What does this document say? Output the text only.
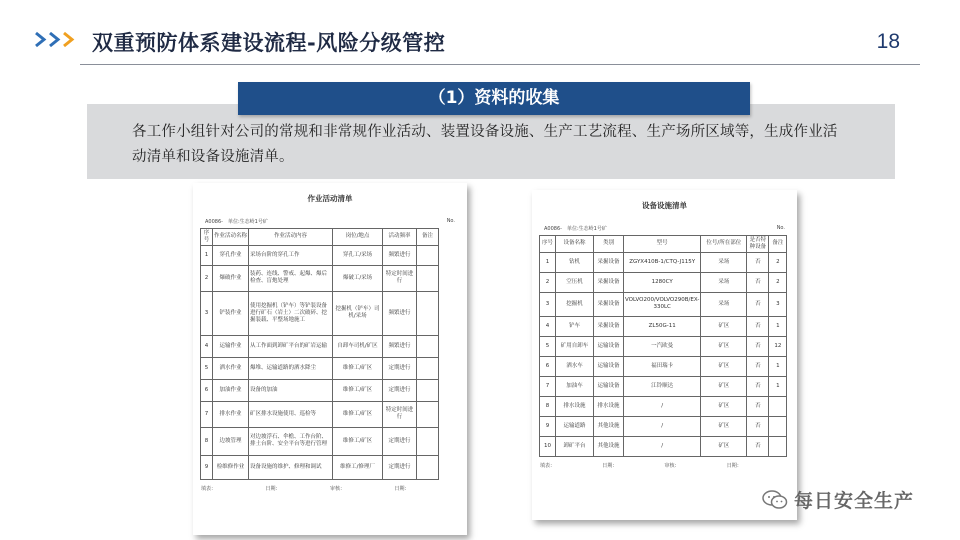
双重预防体系建设流程-风险分级管控	18
（1）资料的收集
各工作小组针对公司的常规和非常规作业活动、装置设备设施、生产工艺流程、生产场所区域等，生成作业活动清单和设备设施清单。
作业活动清单
A0086-　单位:生态岭1号矿	No.
序号	作业活动名称	作业活动内容	岗位/地点	活动频率	备注
1	穿孔作业	采场台阶的穿孔工作	穿孔工/采场	频繁进行	
2	爆破作业	装药、连线、警戒、起爆、爆后检查、盲炮处理	爆破工/采场	特定时间进行	
3	铲装作业	使用挖掘机（铲车）等铲装设备进行矿石（岩土）二次破碎、挖掘装载、平整场地施工	挖掘机（铲车）司机/采场	频繁进行	
4	运输作业	从工作面到卸矿平台的矿岩运输	自卸车司机/矿区	频繁进行	
5	洒水作业	爆堆、运输道路的洒水降尘	维修工/矿区	定期进行	
6	加油作业	设备的加油	维修工/矿区	定期进行	
7	排水作业	矿区排水设施使用、巡检等	维修工/矿区	特定时间进行	
8	边坡管理	对边坡浮石、伞檐、工作台阶、排土台阶、安全平台等进行管理	维修工/矿区	定期进行	
9	检维修作业	设备设施的维护、修理和调试	维修工/修理厂	定期进行	
填表：	日期：	审核：	日期：
设备设施清单
A0086-　单位:生态岭1号矿	No.
序号	设备名称	类别	型号	位号/所在部位	是否特种设备	备注
1	钻机	采掘设备	ZGYX410B-1/CTQ-J115Y	采场	否	2
2	空压机	采掘设备	1280CY	采场	否	2
3	挖掘机	采掘设备	VOLVO200/VOLVO290B/EX-330LC	采场	否	3
4	铲车	采掘设备	ZL50G-11	矿区	否	1
5	矿用自卸车	运输设备	一汽欧曼	矿区	否	12
6	洒水车	运输设备	福田瑞卡	矿区	否	1
7	加油车	运输设备	江铃顺达	矿区	否	1
8	排水设施	排水设施	/	矿区	否	
9	运输道路	其他设施	/	矿区	否	
10	卸矿平台	其他设施	/	矿区	否	
填表：	日期：	审核：	日期：
每日安全生产
